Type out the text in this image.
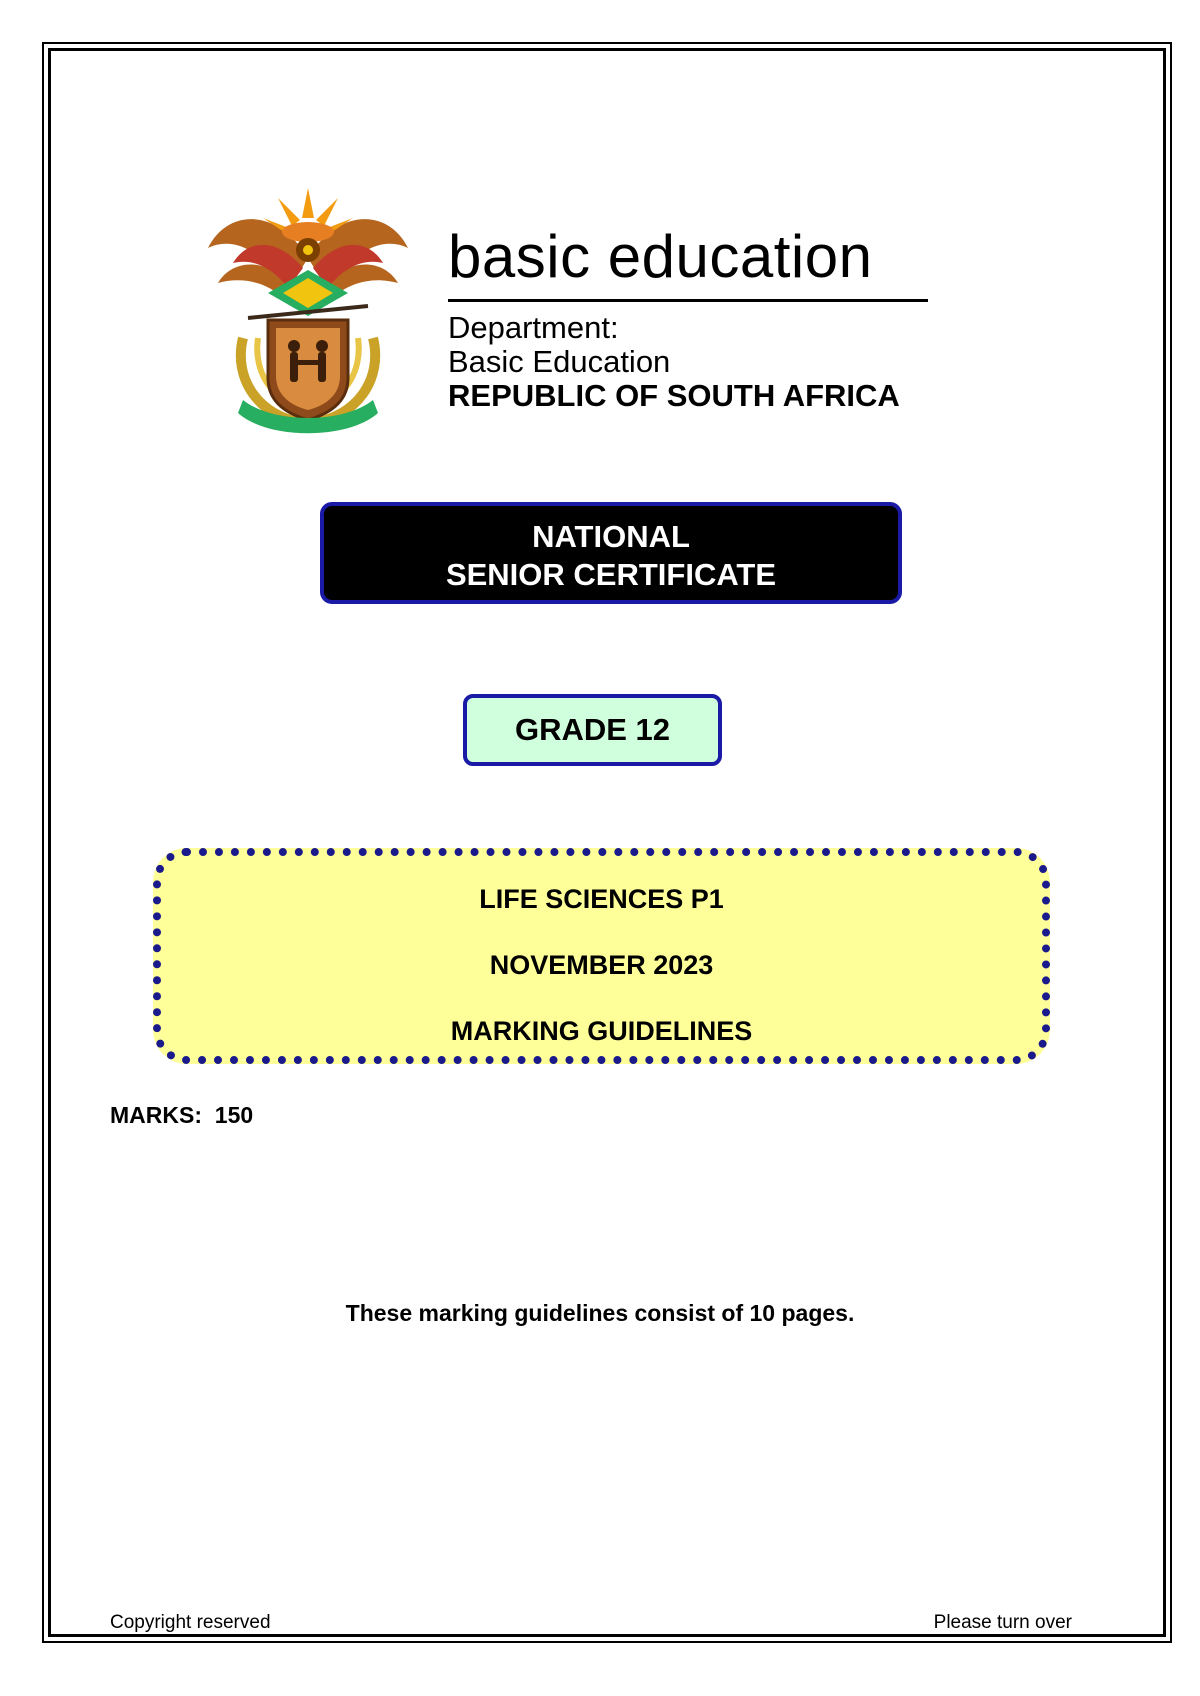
basic education
Department:
Basic Education
REPUBLIC OF SOUTH AFRICA
NATIONAL
SENIOR CERTIFICATE
GRADE 12
LIFE SCIENCES P1
NOVEMBER 2023
MARKING GUIDELINES
MARKS: 150
These marking guidelines consist of 10 pages.
Copyright reserved	Please turn over
